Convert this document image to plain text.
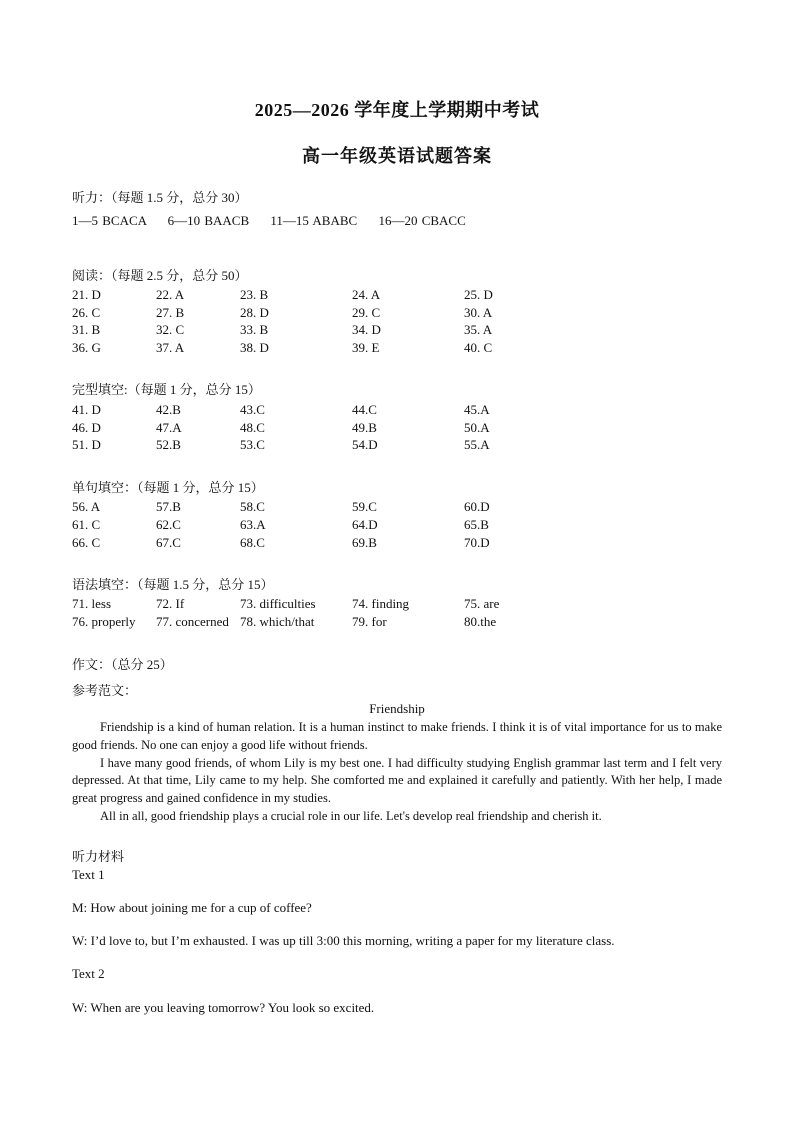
2025—2026 学年度上学期期中考试
高一年级英语试题答案
听力：（每题 1.5 分，总分 30）
1—5 BCACA     6—10 BAACB     11—15 ABABC     16—20 CBACC
阅读：（每题 2.5 分，总分 50）
21. D	22. A	23. B	24. A	25. D
26. C	27. B	28. D	29. C	30. A
31. B	32. C	33. B	34. D	35. A
36. G	37. A	38. D	39. E	40. C
完型填空:（每题 1 分，总分 15）
41. D	42.B	43.C	44.C	45.A
46. D	47.A	48.C	49.B	50.A
51. D	52.B	53.C	54.D	55.A
单句填空：（每题 1 分，总分 15）
56. A	57.B	58.C	59.C	60.D
61. C	62.C	63.A	64.D	65.B
66. C	67.C	68.C	69.B	70.D
语法填空：（每题 1.5 分，总分 15）
71. less	72. If	73. difficulties	74. finding	75. are
76. properly 77. concerned 78. which/that	79. for	80.the
作文：（总分 25）
参考范文：
Friendship

Friendship is a kind of human relation. It is a human instinct to make friends. I think it is of vital importance for us to make good friends. No one can enjoy a good life without friends.

I have many good friends, of whom Lily is my best one. I had difficulty studying English grammar last term and I felt very depressed. At that time, Lily came to my help. She comforted me and explained it carefully and patiently. With her help, I made great progress and gained confidence in my studies.

All in all, good friendship plays a crucial role in our life. Let's develop real friendship and cherish it.

听力材料
Text 1
M: How about joining me for a cup of coffee?
W: I’d love to, but I’m exhausted. I was up till 3:00 this morning, writing a paper for my literature class.
Text 2
W: When are you leaving tomorrow? You look so excited.
